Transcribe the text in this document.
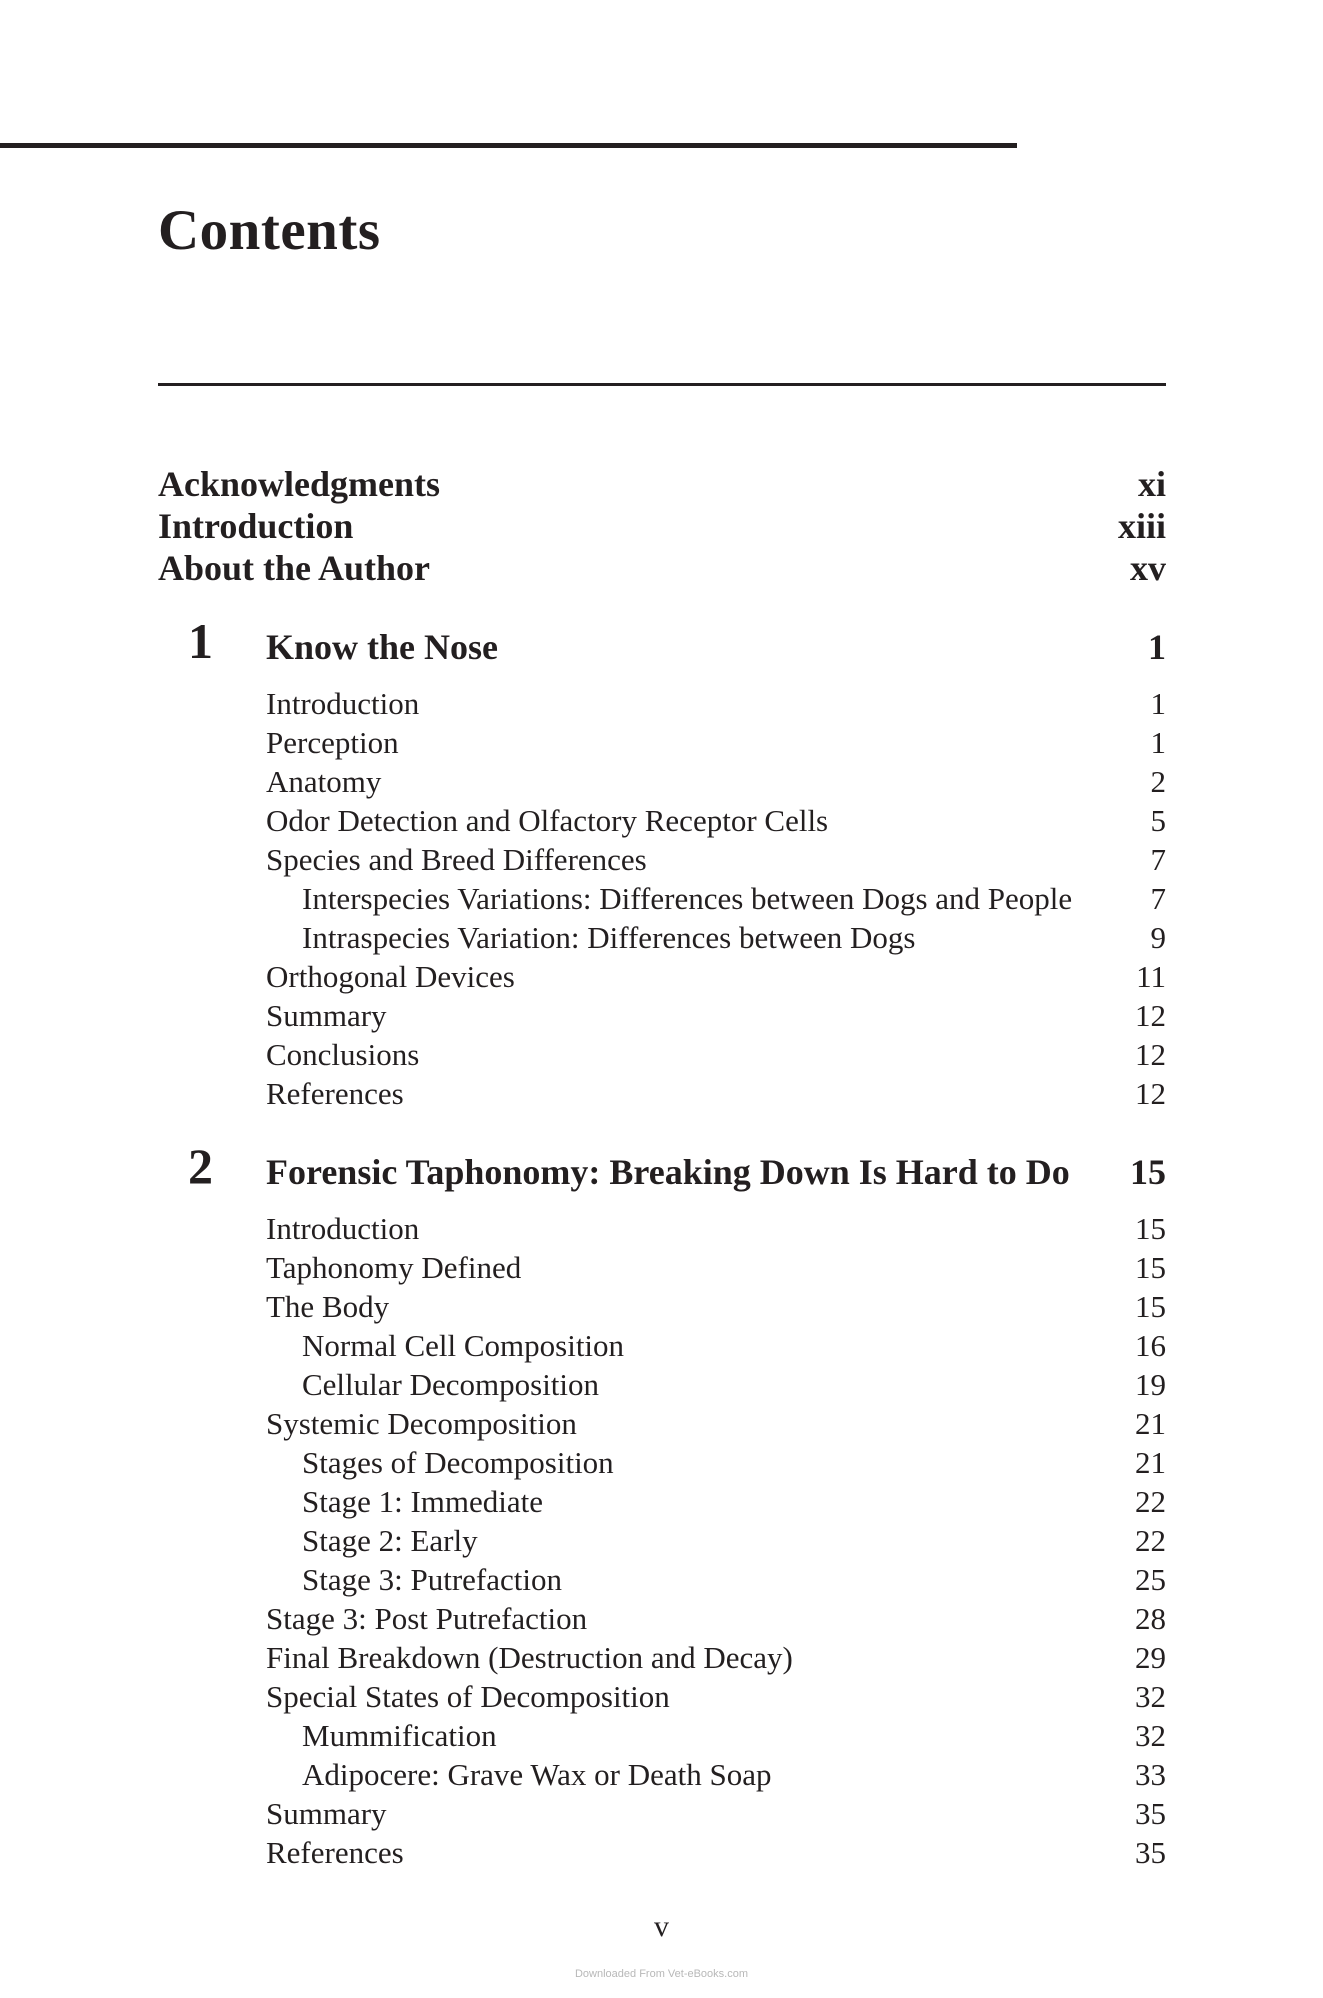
Contents
Acknowledgments	xi
Introduction	xiii
About the Author	xv
1 Know the Nose	1
Introduction	1
Perception	1
Anatomy	2
Odor Detection and Olfactory Receptor Cells	5
Species and Breed Differences	7
Interspecies Variations: Differences between Dogs and People	7
Intraspecies Variation: Differences between Dogs	9
Orthogonal Devices	11
Summary	12
Conclusions	12
References	12
2 Forensic Taphonomy: Breaking Down Is Hard to Do 15
Introduction	15
Taphonomy Defined	15
The Body	15
Normal Cell Composition	16
Cellular Decomposition	19
Systemic Decomposition	21
Stages of Decomposition	21
Stage 1: Immediate	22
Stage 2: Early	22
Stage 3: Putrefaction	25
Stage 3: Post Putrefaction	28
Final Breakdown (Destruction and Decay)	29
Special States of Decomposition	32
Mummification	32
Adipocere: Grave Wax or Death Soap	33
Summary	35
References	35
v
Downloaded From Vet-eBooks.com
